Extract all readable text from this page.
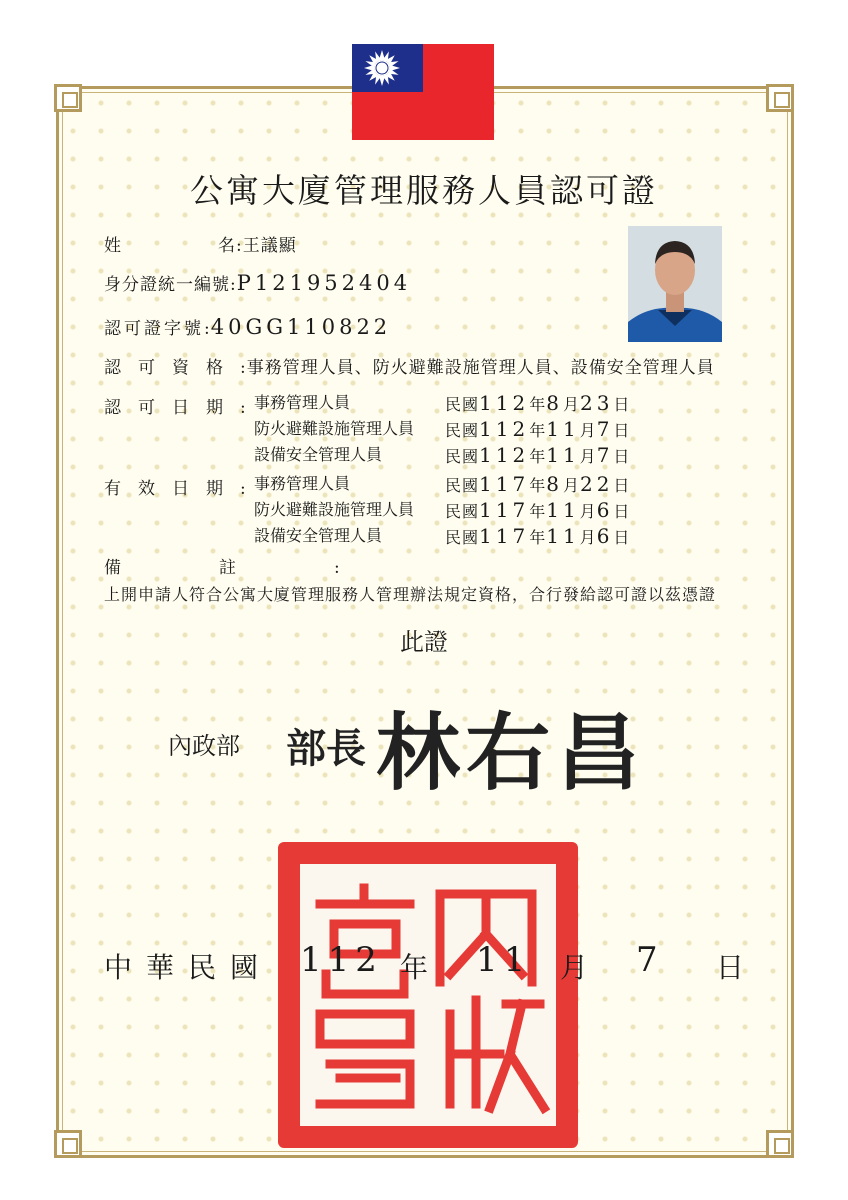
公寓大廈管理服務人員認可證
姓	名 :王議顯
身分證統一編號:P121952404
認可證字號:40GG110822
認可資格:事務管理人員、防火避難設施管理人員、設備安全管理人員
認可日期: 事務管理人員
防火避難設施管理人員
設備安全管理人員
民國112年8月23日
民國112年11月7日
民國112年11月7日
有效日期: 事務管理人員
防火避難設施管理人員
設備安全管理人員
民國117年8月22日
民國117年11月6日
民國117年11月6日
備註:
上開申請人符合公寓大廈管理服務人管理辦法規定資格，合行發給認可證以茲憑證
此證
內政部 部長 林右昌
中華民國 112 年 11 月 7 日
